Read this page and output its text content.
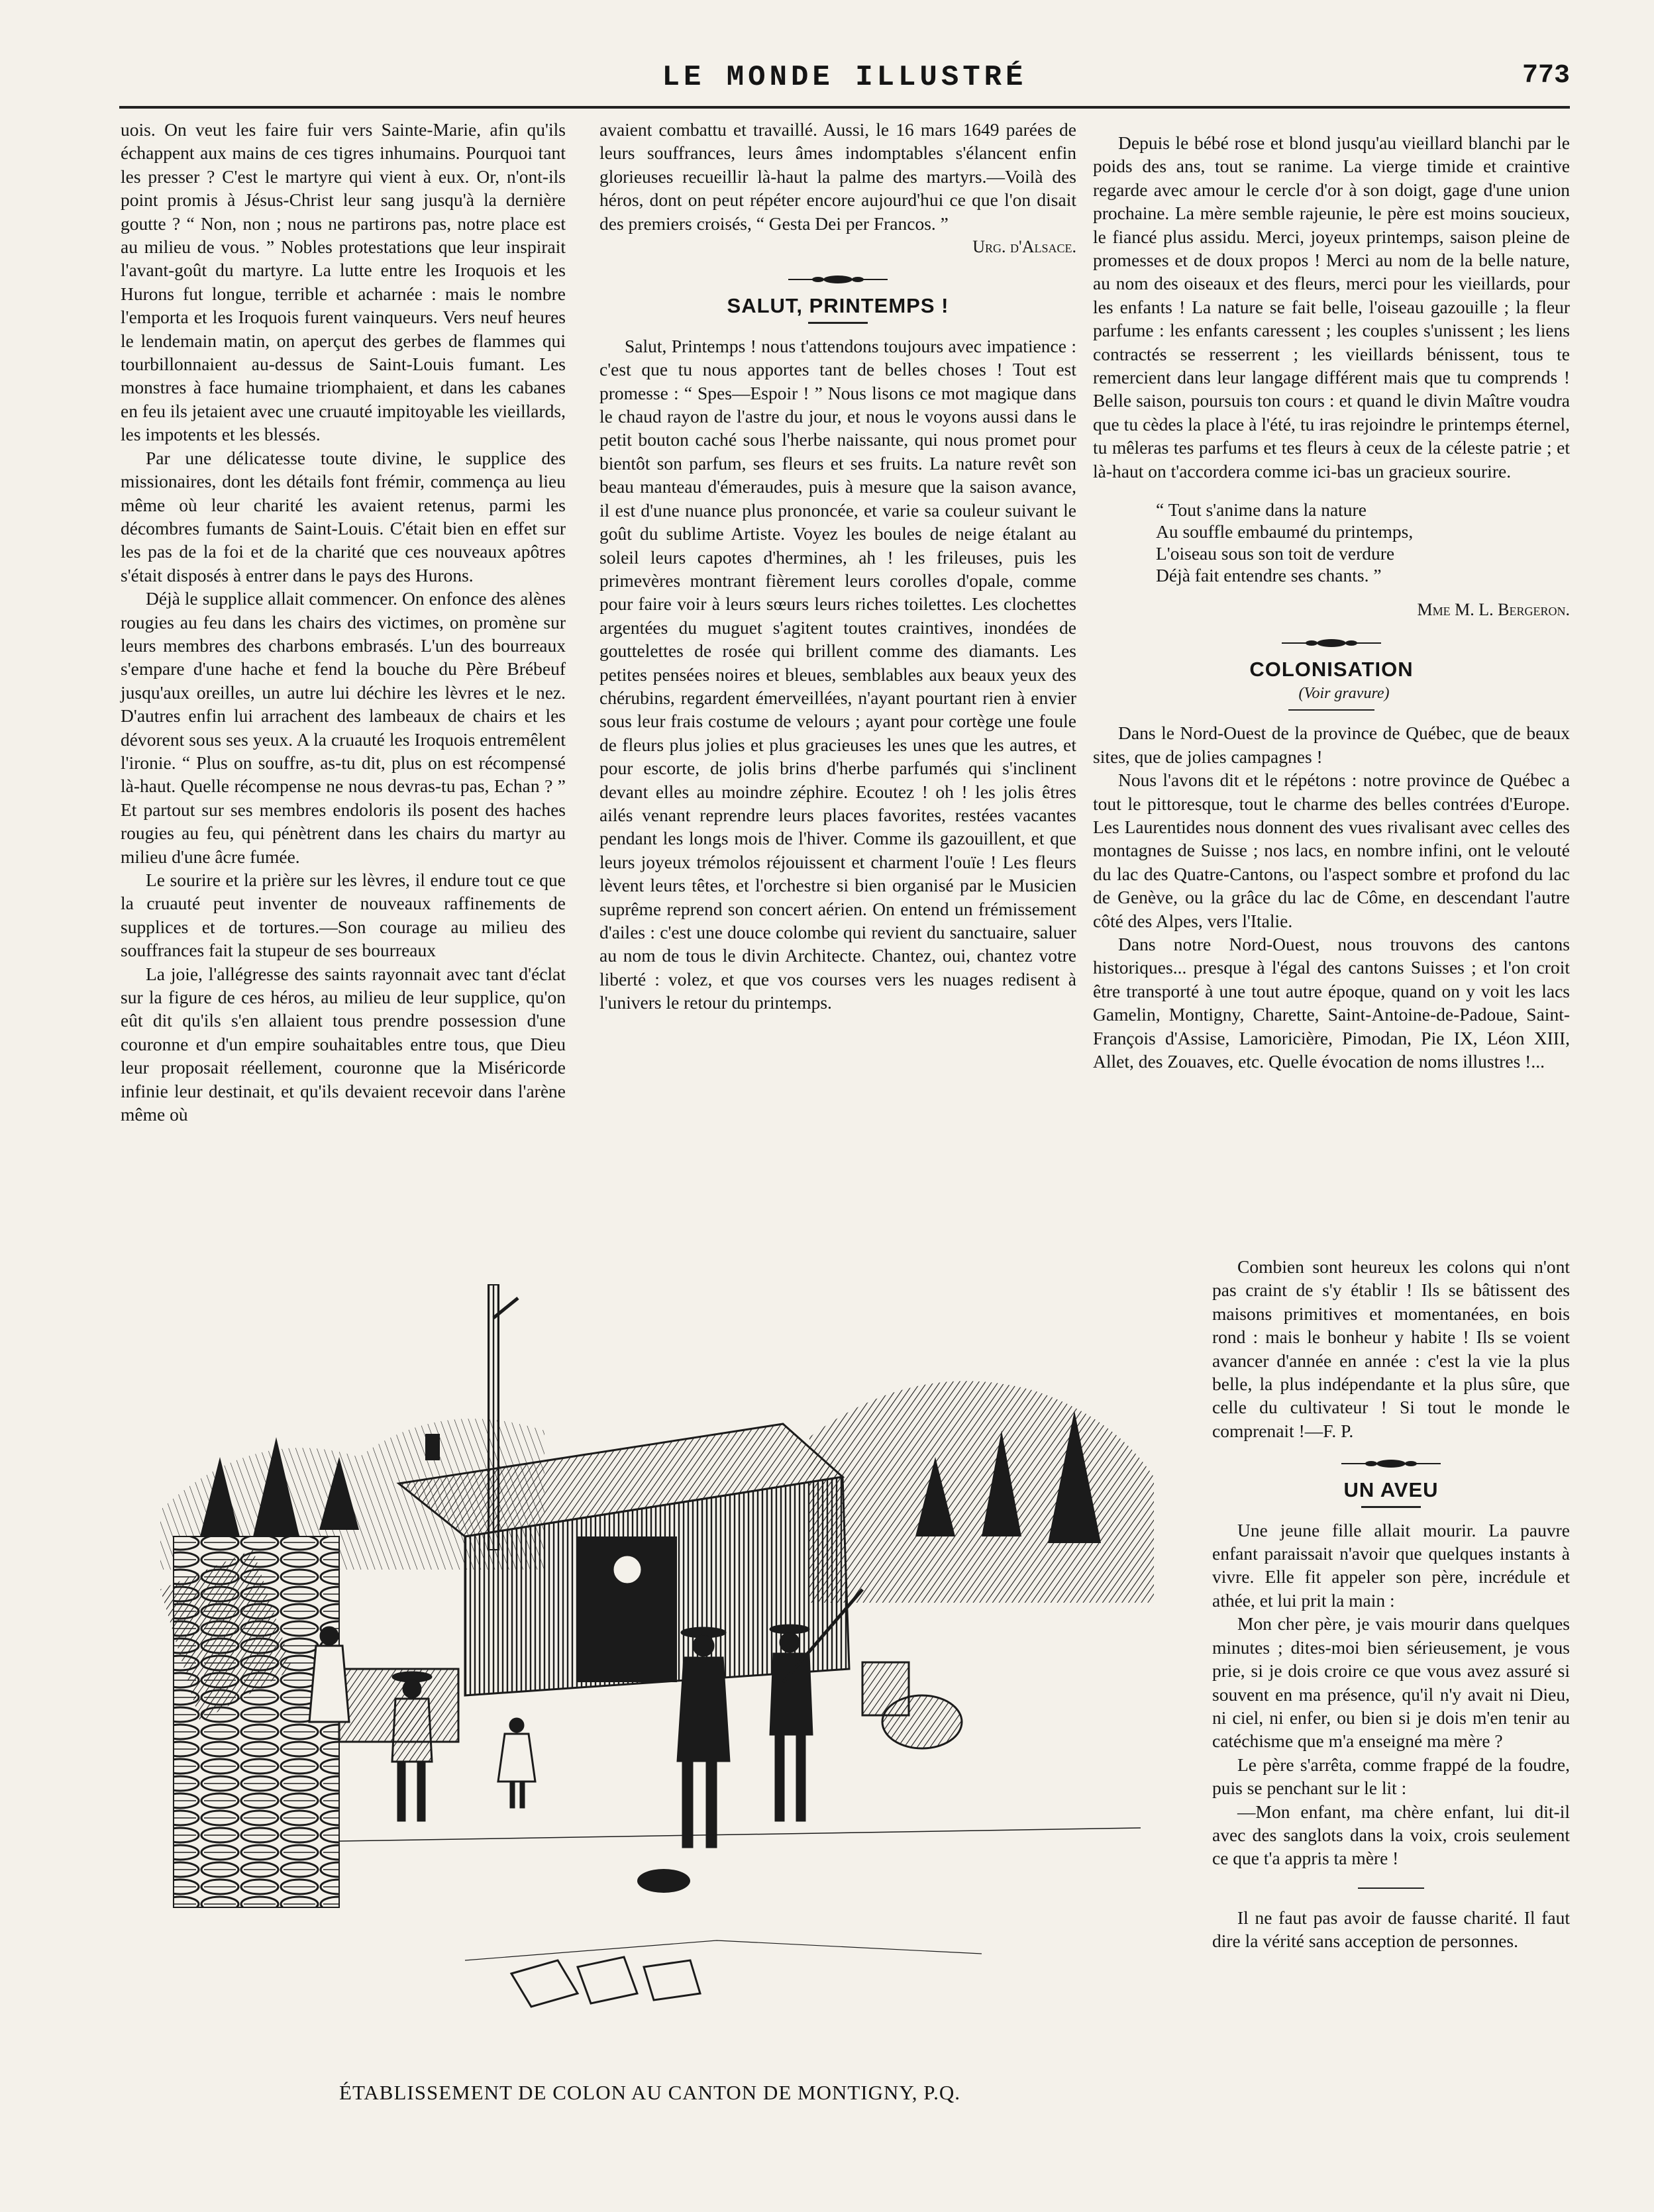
LE MONDE ILLUSTRÉ	773

uois. On veut les faire fuir vers Sainte-Marie, afin qu'ils échappent aux mains de ces tigres inhumains. Pourquoi tant les presser ? C'est le martyre qui vient à eux. Or, n'ont-ils point promis à Jésus-Christ leur sang jusqu'à la dernière goutte ? “ Non, non ; nous ne partirons pas, notre place est au milieu de vous. ” Nobles protestations que leur inspirait l'avant-goût du martyre. La lutte entre les Iroquois et les Hurons fut longue, terrible et acharnée : mais le nombre l'emporta et les Iroquois furent vainqueurs. Vers neuf heures le lendemain matin, on aperçut des gerbes de flammes qui tourbillonnaient au-dessus de Saint-Louis fumant. Les monstres à face humaine triomphaient, et dans les cabanes en feu ils jetaient avec une cruauté impitoyable les vieillards, les impotents et les blessés.

Par une délicatesse toute divine, le supplice des missionaires, dont les détails font frémir, commença au lieu même où leur charité les avaient retenus, parmi les décombres fumants de Saint-Louis. C'était bien en effet sur les pas de la foi et de la charité que ces nouveaux apôtres s'était disposés à entrer dans le pays des Hurons.

Déjà le supplice allait commencer. On enfonce des alènes rougies au feu dans les chairs des victimes, on promène sur leurs membres des charbons embrasés. L'un des bourreaux s'empare d'une hache et fend la bouche du Père Brébeuf jusqu'aux oreilles, un autre lui déchire les lèvres et le nez. D'autres enfin lui arrachent des lambeaux de chairs et les dévorent sous ses yeux. A la cruauté les Iroquois entremêlent l'ironie. “ Plus on souffre, as-tu dit, plus on est récompensé là-haut. Quelle récompense ne nous devras-tu pas, Echan ? ” Et partout sur ses membres endoloris ils posent des haches rougies au feu, qui pénètrent dans les chairs du martyr au milieu d'une âcre fumée.

Le sourire et la prière sur les lèvres, il endure tout ce que la cruauté peut inventer de nouveaux raffinements de supplices et de tortures.—Son courage au milieu des souffrances fait la stupeur de ses bourreaux

La joie, l'allégresse des saints rayonnait avec tant d'éclat sur la figure de ces héros, au milieu de leur supplice, qu'on eût dit qu'ils s'en allaient tous prendre possession d'une couronne et d'un empire souhaitables entre tous, que Dieu leur proposait réellement, couronne que la Miséricorde infinie leur destinait, et qu'ils devaient recevoir dans l'arène même où

avaient combattu et travaillé. Aussi, le 16 mars 1649 parées de leurs souffrances, leurs âmes indomptables s'élancent enfin glorieuses recueillir là-haut la palme des martyrs.—Voilà des héros, dont on peut répéter encore aujourd'hui ce que l'on disait des premiers croisés, “ Gesta Dei per Francos. ”

Urg. d'Alsace.

SALUT, PRINTEMPS !

Salut, Printemps ! nous t'attendons toujours avec impatience : c'est que tu nous apportes tant de belles choses ! Tout est promesse : “ Spes—Espoir ! ” Nous lisons ce mot magique dans le chaud rayon de l'astre du jour, et nous le voyons aussi dans le petit bouton caché sous l'herbe naissante, qui nous promet pour bientôt son parfum, ses fleurs et ses fruits. La nature revêt son beau manteau d'émeraudes, puis à mesure que la saison avance, il est d'une nuance plus prononcée, et varie sa couleur suivant le goût du sublime Artiste. Voyez les boules de neige étalant au soleil leurs capotes d'hermines, ah ! les frileuses, puis les primevères montrant fièrement leurs corolles d'opale, comme pour faire voir à leurs sœurs leurs riches toilettes. Les clochettes argentées du muguet s'agitent toutes craintives, inondées de gouttelettes de rosée qui brillent comme des diamants. Les petites pensées noires et bleues, semblables aux beaux yeux des chérubins, regardent émerveillées, n'ayant pourtant rien à envier sous leur frais costume de velours ; ayant pour cortège une foule de fleurs plus jolies et plus gracieuses les unes que les autres, et pour escorte, de jolis brins d'herbe parfumés qui s'inclinent devant elles au moindre zéphire. Ecoutez ! oh ! les jolis êtres ailés venant reprendre leurs places favorites, restées vacantes pendant les longs mois de l'hiver. Comme ils gazouillent, et que leurs joyeux trémolos réjouissent et charment l'ouïe ! Les fleurs lèvent leurs têtes, et l'orchestre si bien organisé par le Musicien suprême reprend son concert aérien. On entend un frémissement d'ailes : c'est une douce colombe qui revient du sanctuaire, saluer au nom de tous le divin Architecte. Chantez, oui, chantez votre liberté : volez, et que vos courses vers les nuages redisent à l'univers le retour du printemps.

Depuis le bébé rose et blond jusqu'au vieillard blanchi par le poids des ans, tout se ranime. La vierge timide et craintive regarde avec amour le cercle d'or à son doigt, gage d'une union prochaine. La mère semble rajeunie, le père est moins soucieux, le fiancé plus assidu. Merci, joyeux printemps, saison pleine de promesses et de doux propos ! Merci au nom de la belle nature, au nom des oiseaux et des fleurs, merci pour les vieillards, pour les enfants ! La nature se fait belle, l'oiseau gazouille ; la fleur parfume : les enfants caressent ; les couples s'unissent ; les liens contractés se resserrent ; les vieillards bénissent, tous te remercient dans leur langage différent mais que tu comprends ! Belle saison, poursuis ton cours : et quand le divin Maître voudra que tu cèdes la place à l'été, tu iras rejoindre le printemps éternel, tu mêleras tes parfums et tes fleurs à ceux de la céleste patrie ; et là-haut on t'accordera comme ici-bas un gracieux sourire.

“ Tout s'anime dans la nature
Au souffle embaumé du printemps,
L'oiseau sous son toit de verdure
Déjà fait entendre ses chants. ”

Mme M. L. Bergeron.

COLONISATION

(Voir gravure)

Dans le Nord-Ouest de la province de Québec, que de beaux sites, que de jolies campagnes !

Nous l'avons dit et le répétons : notre province de Québec a tout le pittoresque, tout le charme des belles contrées d'Europe. Les Laurentides nous donnent des vues rivalisant avec celles des montagnes de Suisse ; nos lacs, en nombre infini, ont le velouté du lac des Quatre-Cantons, ou l'aspect sombre et profond du lac de Genève, ou la grâce du lac de Côme, en descendant l'autre côté des Alpes, vers l'Italie.

Dans notre Nord-Ouest, nous trouvons des cantons historiques... presque à l'égal des cantons Suisses ; et l'on croit être transporté à une tout autre époque, quand on y voit les lacs Gamelin, Montigny, Charette, Saint-Antoine-de-Padoue, Saint-François d'Assise, Lamoricière, Pimodan, Pie IX, Léon XIII, Allet, des Zouaves, etc. Quelle évocation de noms illustres !...

Combien sont heureux les colons qui n'ont pas craint de s'y établir ! Ils se bâtissent des maisons primitives et momentanées, en bois rond : mais le bonheur y habite ! Ils se voient avancer d'année en année : c'est la vie la plus belle, la plus indépendante et la plus sûre, que celle du cultivateur ! Si tout le monde le comprenait !—F. P.

UN AVEU

Une jeune fille allait mourir. La pauvre enfant paraissait n'avoir que quelques instants à vivre. Elle fit appeler son père, incrédule et athée, et lui prit la main :

Mon cher père, je vais mourir dans quelques minutes ; dites-moi bien sérieusement, je vous prie, si je dois croire ce que vous avez assuré si souvent en ma présence, qu'il n'y avait ni Dieu, ni ciel, ni enfer, ou bien si je dois m'en tenir au catéchisme que m'a enseigné ma mère ?

Le père s'arrêta, comme frappé de la foudre, puis se penchant sur le lit :

—Mon enfant, ma chère enfant, lui dit-il avec des sanglots dans la voix, crois seulement ce que t'a appris ta mère !

Il ne faut pas avoir de fausse charité. Il faut dire la vérité sans acception de personnes.

ÉTABLISSEMENT DE COLON AU CANTON DE MONTIGNY, P.Q.
